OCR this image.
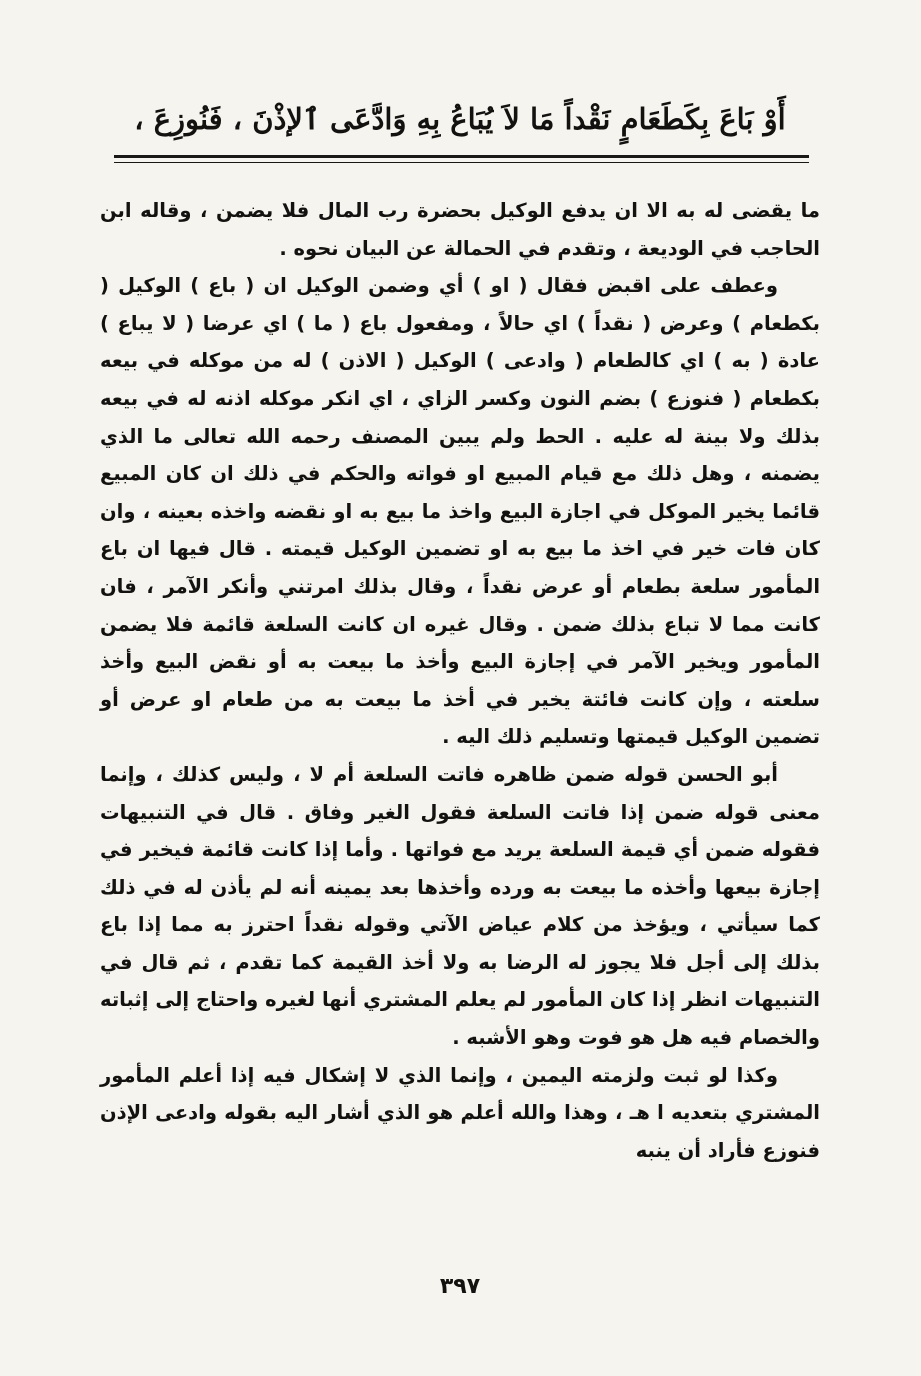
أَوْ بَاعَ بِكَطَعَامٍ نَقْداً مَا لاَ يُبَاعُ بِهِ وَادَّعَى ٱلإذْنَ ، فَنُوزِعَ ،

ما يقضى له به الا ان يدفع الوكيل بحضرة رب المال فلا يضمن ، وقاله ابن الحاجب في الوديعة ، وتقدم في الحمالة عن البيان نحوه .

وعطف على اقبض فقال ( او ) أي وضمن الوكيل ان ( باع ) الوكيل ( بكطعام ) وعرض ( نقداً ) اي حالاً ، ومفعول باع ( ما ) اي عرضا ( لا يباع ) عادة ( به ) اي كالطعام ( وادعى ) الوكيل ( الاذن ) له من موكله في بيعه بكطعام ( فنوزع ) بضم النون وكسر الزاي ، اي انكر موكله اذنه له في بيعه بذلك ولا بينة له عليه . الحط ولم يبين المصنف رحمه الله تعالى ما الذي يضمنه ، وهل ذلك مع قيام المبيع او فواته والحكم في ذلك ان كان المبيع قائما يخير الموكل في اجازة البيع واخذ ما بيع به او نقضه واخذه بعينه ، وان كان فات خير في اخذ ما بيع به او تضمين الوكيل قيمته . قال فيها ان باع المأمور سلعة بطعام أو عرض نقداً ، وقال بذلك امرتني وأنكر الآمر ، فان كانت مما لا تباع بذلك ضمن . وقال غيره ان كانت السلعة قائمة فلا يضمن المأمور ويخير الآمر في إجازة البيع وأخذ ما بيعت به أو نقض البيع وأخذ سلعته ، وإن كانت فائتة يخير في أخذ ما بيعت به من طعام او عرض أو تضمين الوكيل قيمتها وتسليم ذلك اليه .

أبو الحسن قوله ضمن ظاهره فاتت السلعة أم لا ، وليس كذلك ، وإنما معنى قوله ضمن إذا فاتت السلعة فقول الغير وفاق . قال في التنبيهات فقوله ضمن أي قيمة السلعة يريد مع فواتها . وأما إذا كانت قائمة فيخير في إجازة بيعها وأخذه ما بيعت به ورده وأخذها بعد يمينه أنه لم يأذن له في ذلك كما سيأتي ، ويؤخذ من كلام عياض الآتي وقوله نقداً احترز به مما إذا باع بذلك إلى أجل فلا يجوز له الرضا به ولا أخذ القيمة كما تقدم ، ثم قال في التنبيهات انظر إذا كان المأمور لم يعلم المشتري أنها لغيره واحتاج إلى إثباته والخصام فيه هل هو فوت وهو الأشبه .

وكذا لو ثبت ولزمته اليمين ، وإنما الذي لا إشكال فيه إذا أعلم المأمور المشتري بتعديه ا هـ ، وهذا والله أعلم هو الذي أشار اليه بقوله وادعى الإذن فنوزع فأراد أن ينبه

٣٩٧
